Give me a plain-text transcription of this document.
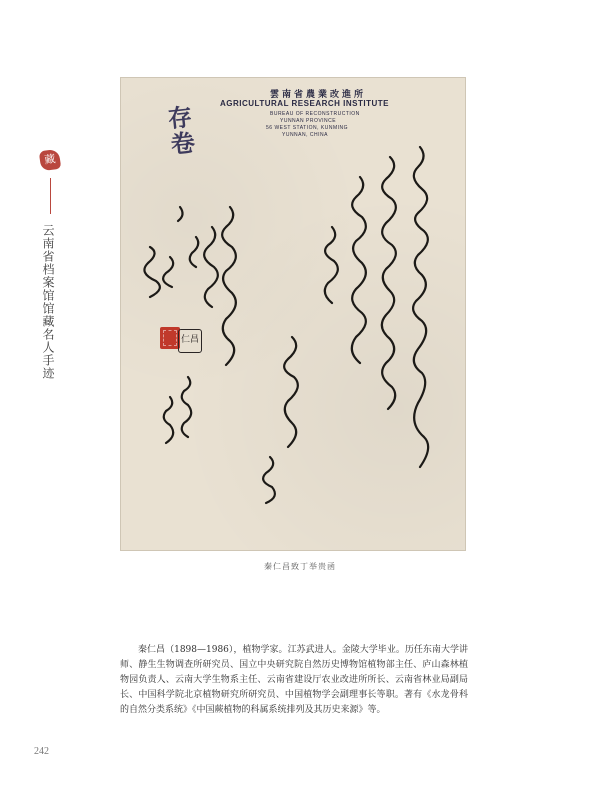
藏
云南省档案馆馆藏名人手迹
雲南省農業改進所
AGRICULTURAL RESEARCH INSTITUTE
BUREAU OF RECONSTRUCTION
YUNNAN PROVINCE
56 WEST STATION, KUNMING
YUNNAN, CHINA
存卷
仁昌
秦仁昌致丁举贵函

秦仁昌（1898—1986），植物学家。江苏武进人。金陵大学毕业。历任东南大学讲师、静生生物调查所研究员、国立中央研究院自然历史博物馆植物部主任、庐山森林植物园负责人、云南大学生物系主任、云南省建设厅农业改进所所长、云南省林业局副局长、中国科学院北京植物研究所研究员、中国植物学会副理事长等职。著有《水龙骨科的自然分类系统》《中国蕨植物的科属系统排列及其历史来源》等。

242
